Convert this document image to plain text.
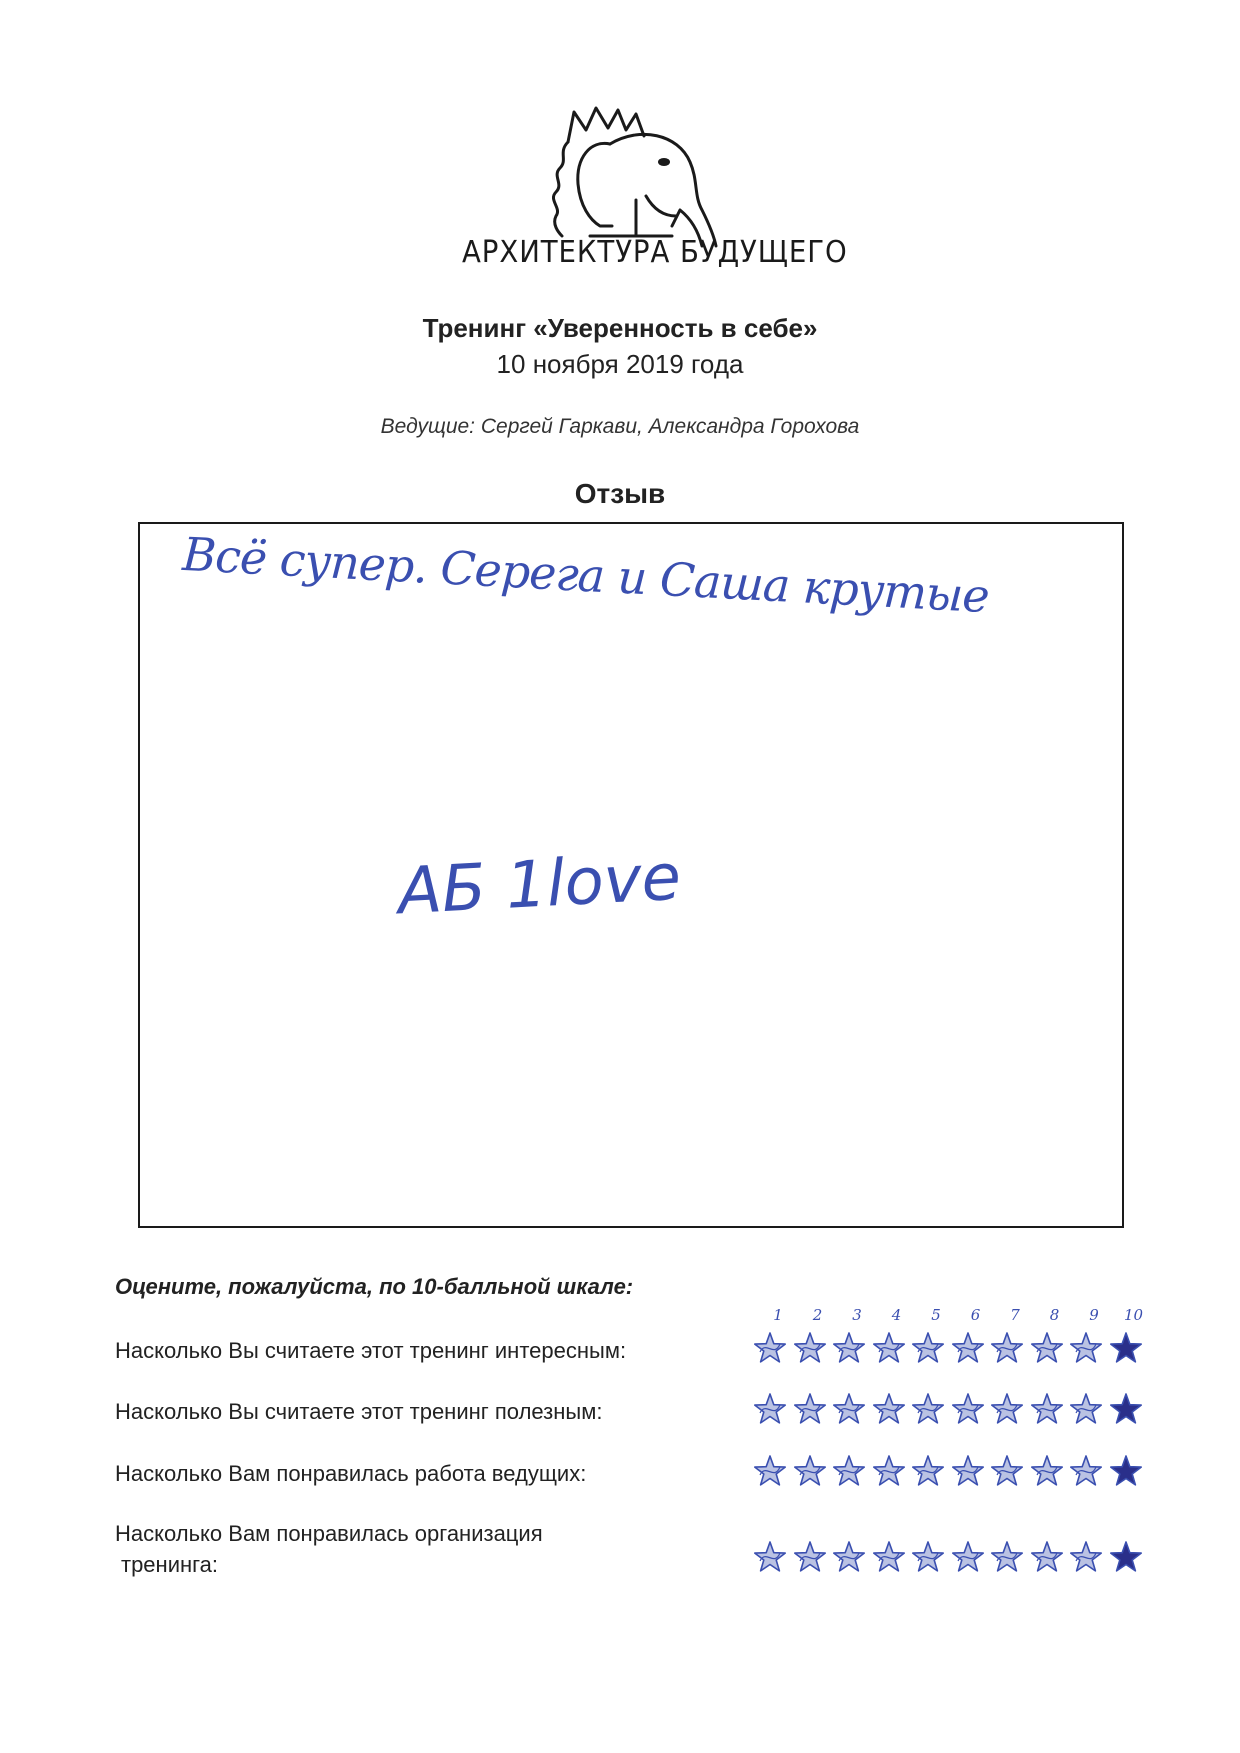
АРХИТЕКТУРА БУДУЩЕГО
Тренинг «Уверенность в себе»
10 ноября 2019 года
Ведущие: Сергей Гаркави, Александра Горохова
Отзыв
Всё супер. Серега и Саша крутые
АБ 1love
Оцените, пожалуйста, по 10-балльной шкале:
1	2	3	4	5	6	7	8	9	10
Насколько Вы считаете этот тренинг интересным:
Насколько Вы считаете этот тренинг полезным:
Насколько Вам понравилась работа ведущих:
Насколько Вам понравилась организация
тренинга:
